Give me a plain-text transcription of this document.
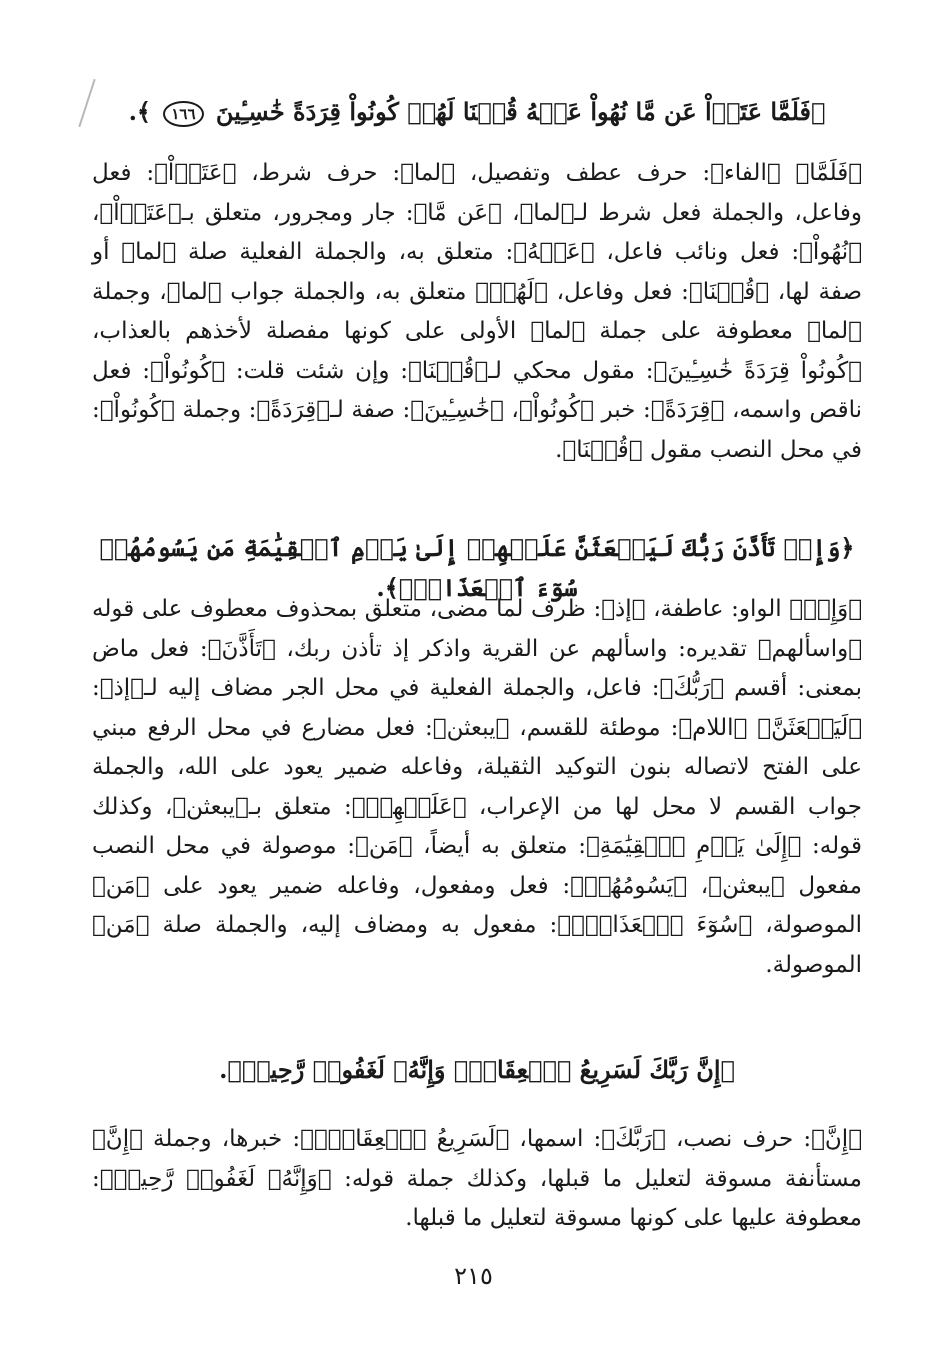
﴿فَلَمَّا عَتَوۡاْ عَن مَّا نُهُواْ عَنۡهُ قُلۡنَا لَهُمۡ كُونُواْ قِرَدَةً خَٰسِـِٔينَ ١٦٦ ﴾.

﴿فَلَمَّا﴾ ﴿الفاء﴾: حرف عطف وتفصيل، ﴿لما﴾: حرف شرط، ﴿عَتَوۡاْ﴾: فعل وفاعل، والجملة فعل شرط لـ﴿لما﴾، ﴿عَن مَّا﴾: جار ومجرور، متعلق بـ﴿عَتَوۡاْ﴾، ﴿نُهُواْ﴾: فعل ونائب فاعل، ﴿عَنۡهُ﴾: متعلق به، والجملة الفعلية صلة ﴿لما﴾ أو صفة لها، ﴿قُلۡنَا﴾: فعل وفاعل، ﴿لَهُمۡ﴾ متعلق به، والجملة جواب ﴿لما﴾، وجملة ﴿لما﴾ معطوفة على جملة ﴿لما﴾ الأولى على كونها مفصلة لأخذهم بالعذاب، ﴿كُونُواْ قِرَدَةً خَٰسِـِٔينَ﴾: مقول محكي لـ﴿قُلۡنَا﴾: وإن شئت قلت: ﴿كُونُواْ﴾: فعل ناقص واسمه، ﴿قِرَدَةً﴾: خبر ﴿كُونُواْ﴾، ﴿خَٰسِـِٔينَ﴾: صفة لـ﴿قِرَدَةً﴾: وجملة ﴿كُونُواْ﴾: في محل النصب مقول ﴿قُلۡنَا﴾.

﴿وَإِذۡ تَأَذَّنَ رَبُّكَ لَيَبۡعَثَنَّ عَلَيۡهِمۡ إِلَىٰ يَوۡمِ ٱلۡقِيَٰمَةِ مَن يَسُومُهُمۡ سُوٓءَ ٱلۡعَذَابِۗ﴾.

﴿وَإِذۡ﴾ الواو: عاطفة، ﴿إذ﴾: ظرف لما مضى، متعلق بمحذوف معطوف على قوله ﴿واسألهم﴾ تقديره: واسألهم عن القرية واذكر إذ تأذن ربك، ﴿تَأَذَّنَ﴾: فعل ماض بمعنى: أقسم ﴿رَبُّكَ﴾: فاعل، والجملة الفعلية في محل الجر مضاف إليه لـ﴿إذ﴾: ﴿لَيَبۡعَثَنَّ﴾ ﴿اللام﴾: موطئة للقسم، ﴿يبعثن﴾: فعل مضارع في محل الرفع مبني على الفتح لاتصاله بنون التوكيد الثقيلة، وفاعله ضمير يعود على الله، والجملة جواب القسم لا محل لها من الإعراب، ﴿عَلَيۡهِمۡ﴾: متعلق بـ﴿يبعثن﴾، وكذلك قوله: ﴿إِلَىٰ يَوۡمِ ٱلۡقِيَٰمَةِ﴾: متعلق به أيضاً، ﴿مَن﴾: موصولة في محل النصب مفعول ﴿يبعثن﴾، ﴿يَسُومُهُمۡ﴾: فعل ومفعول، وفاعله ضمير يعود على ﴿مَن﴾ الموصولة، ﴿سُوٓءَ ٱلۡعَذَابِۗ﴾: مفعول به ومضاف إليه، والجملة صلة ﴿مَن﴾ الموصولة.

﴿إِنَّ رَبَّكَ لَسَرِيعُ ٱلۡعِقَابِۖ وَإِنَّهُۥ لَغَفُورٞ رَّحِيمٞ﴾.

﴿إِنَّ﴾: حرف نصب، ﴿رَبَّكَ﴾: اسمها، ﴿لَسَرِيعُ ٱلۡعِقَابِۖ﴾: خبرها، وجملة ﴿إِنَّ﴾ مستأنفة مسوقة لتعليل ما قبلها، وكذلك جملة قوله: ﴿وَإِنَّهُۥ لَغَفُورٞ رَّحِيمٞ﴾: معطوفة عليها على كونها مسوقة لتعليل ما قبلها.

٢١٥
